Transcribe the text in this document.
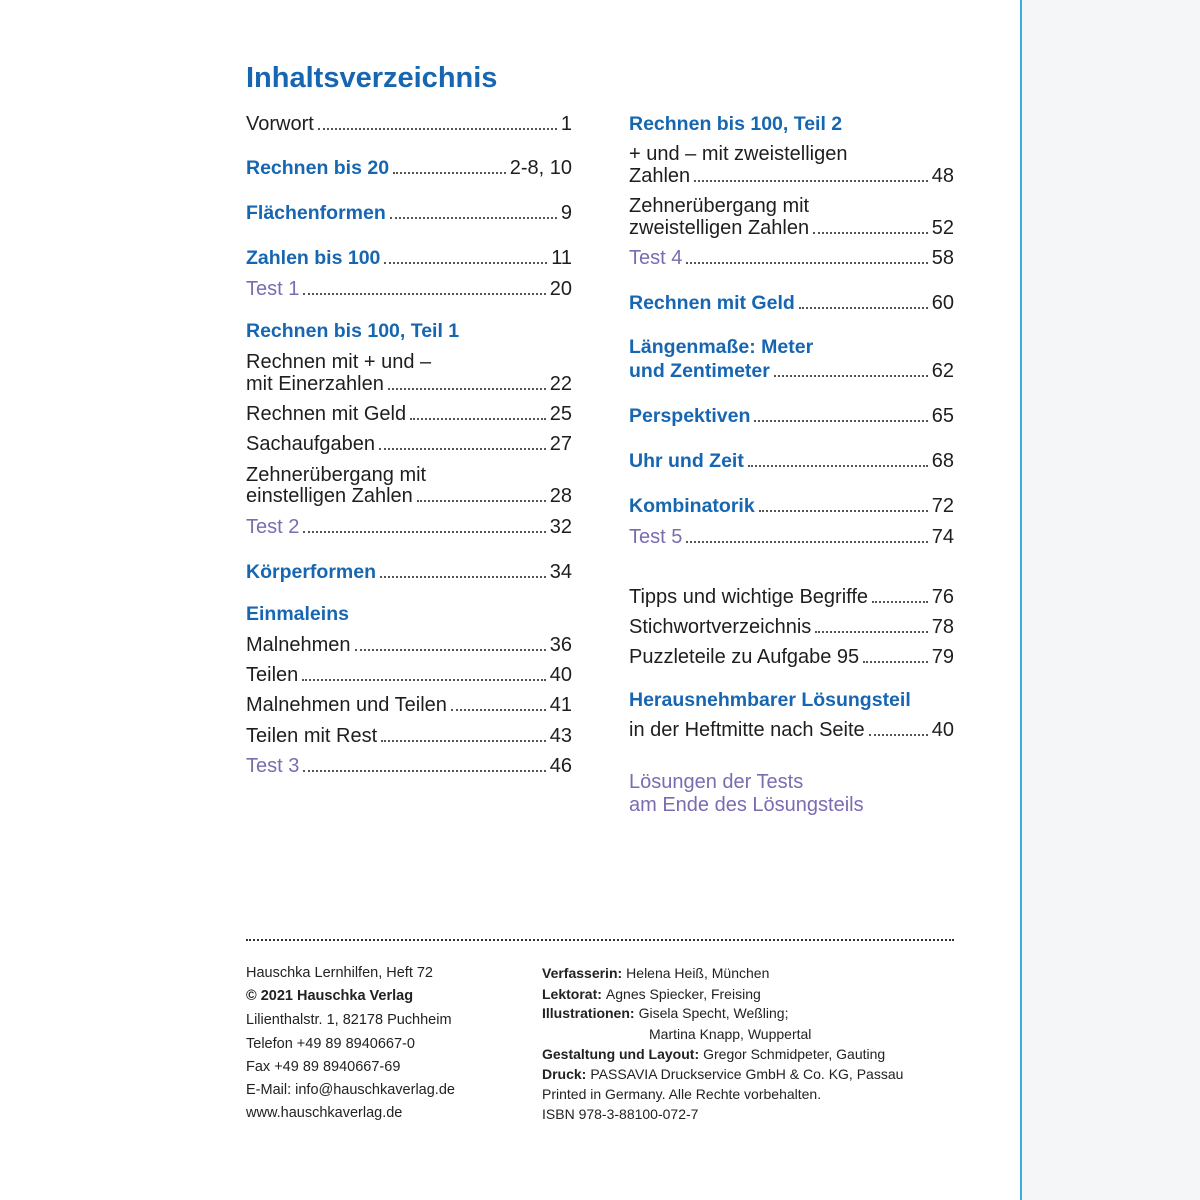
Inhaltsverzeichnis
Vorwort	1
Rechnen bis 20	2-8, 10
Flächenformen	9
Zahlen bis 100	11
Test 1	20
Rechnen bis 100, Teil 1
Rechnen mit + und –
mit Einerzahlen	22
Rechnen mit Geld	25
Sachaufgaben	27
Zehnerübergang mit
einstelligen Zahlen	28
Test 2	32
Körperformen	34
Einmaleins
Malnehmen	36
Teilen	40
Malnehmen und Teilen	41
Teilen mit Rest	43
Test 3	46
Rechnen bis 100, Teil 2
+ und – mit zweistelligen
Zahlen	48
Zehnerübergang mit
zweistelligen Zahlen	52
Test 4	58
Rechnen mit Geld	60
Längenmaße: Meter
und Zentimeter	62
Perspektiven	65
Uhr und Zeit	68
Kombinatorik	72
Test 5	74
Tipps und wichtige Begriffe	76
Stichwortverzeichnis	78
Puzzleteile zu Aufgabe 95	79
Herausnehmbarer Lösungsteil
in der Heftmitte nach Seite	40
Lösungen der Tests
am Ende des Lösungsteils
Hauschka Lernhilfen, Heft 72
© 2021 Hauschka Verlag
Lilienthalstr. 1, 82178 Puchheim
Telefon +49 89 8940667-0
Fax +49 89 8940667-69
E-Mail: info@hauschkaverlag.de
www.hauschkaverlag.de
Verfasserin: Helena Heiß, München
Lektorat: Agnes Spiecker, Freising
Illustrationen: Gisela Specht, Weßling;
Martina Knapp, Wuppertal
Gestaltung und Layout: Gregor Schmidpeter, Gauting
Druck: PASSAVIA Druckservice GmbH & Co. KG, Passau
Printed in Germany. Alle Rechte vorbehalten.
ISBN 978-3-88100-072-7
